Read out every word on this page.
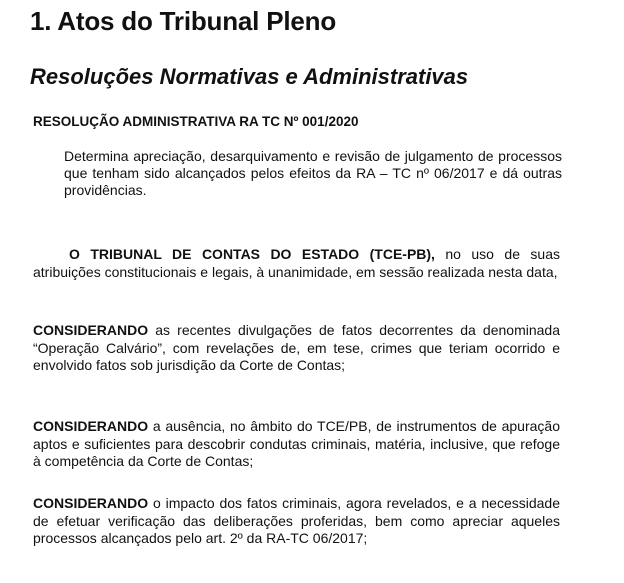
1. Atos do Tribunal Pleno
Resoluções Normativas e Administrativas

RESOLUÇÃO ADMINISTRATIVA RA TC Nº 001/2020

Determina apreciação, desarquivamento e revisão de julgamento de processos que tenham sido alcançados pelos efeitos da RA – TC nº 06/2017 e dá outras providências.

O TRIBUNAL DE CONTAS DO ESTADO (TCE-PB), no uso de suas atribuições constitucionais e legais, à unanimidade, em sessão realizada nesta data,

CONSIDERANDO as recentes divulgações de fatos decorrentes da denominada “Operação Calvário”, com revelações de, em tese, crimes que teriam ocorrido e envolvido fatos sob jurisdição da Corte de Contas;

CONSIDERANDO a ausência, no âmbito do TCE/PB, de instrumentos de apuração aptos e suficientes para descobrir condutas criminais, matéria, inclusive, que refoge à competência da Corte de Contas;

CONSIDERANDO o impacto dos fatos criminais, agora revelados, e a necessidade de efetuar verificação das deliberações proferidas, bem como apreciar aqueles processos alcançados pelo art. 2º da RA-TC 06/2017;
